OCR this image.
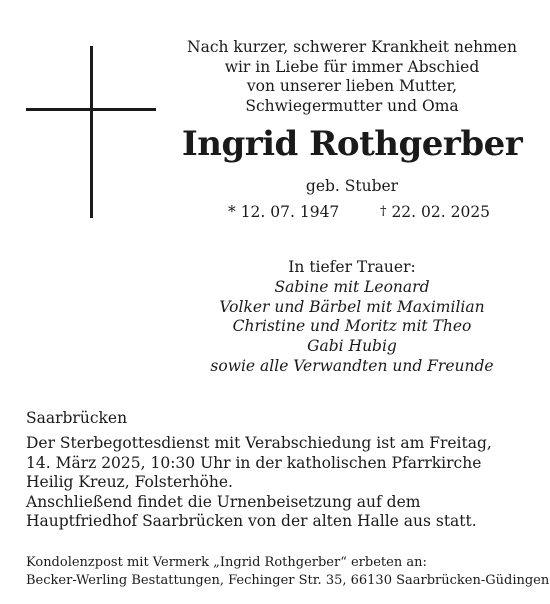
Nach kurzer, schwerer Krankheit nehmen
wir in Liebe für immer Abschied
von unserer lieben Mutter,
Schwiegermutter und Oma
Ingrid Rothgerber
geb. Stuber
* 12. 07. 1947	† 22. 02. 2025
In tiefer Trauer:
Sabine mit Leonard
Volker und Bärbel mit Maximilian
Christine und Moritz mit Theo
Gabi Hubig
sowie alle Verwandten und Freunde
Saarbrücken
Der Sterbegottesdienst mit Verabschiedung ist am Freitag,
14. März 2025, 10:30 Uhr in der katholischen Pfarrkirche
Heilig Kreuz, Folsterhöhe.
Anschließend findet die Urnenbeisetzung auf dem
Hauptfriedhof Saarbrücken von der alten Halle aus statt.
Kondolenzpost mit Vermerk „Ingrid Rothgerber“ erbeten an:
Becker-Werling Bestattungen, Fechinger Str. 35, 66130 Saarbrücken-Güdingen
